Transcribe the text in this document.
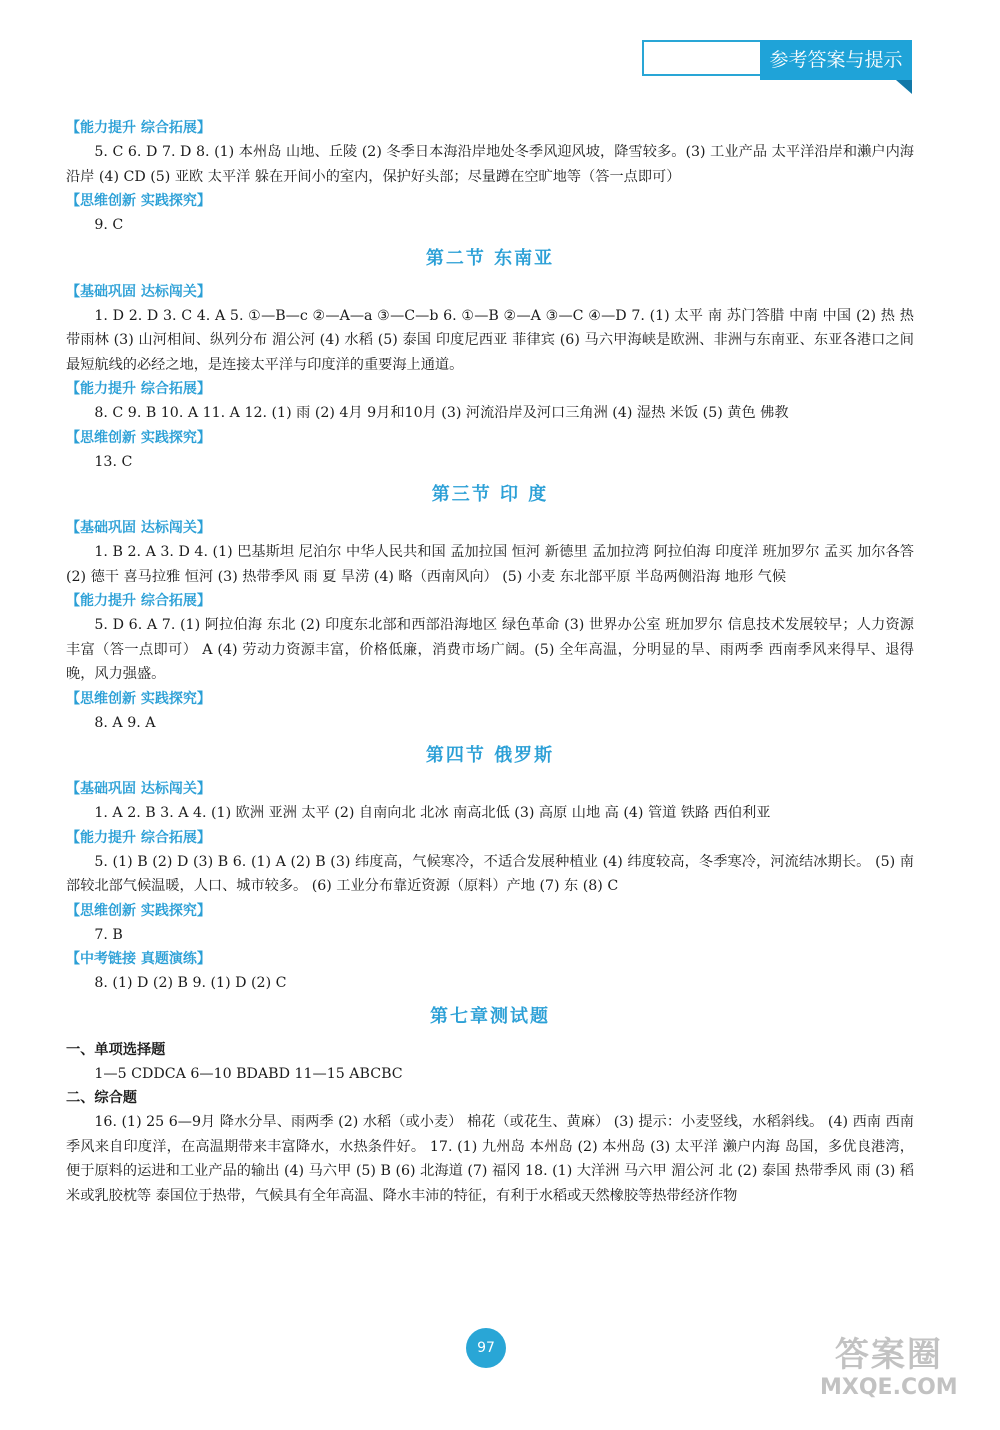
参考答案与提示
【能力提升 综合拓展】

5. C 6. D 7. D 8. (1) 本州岛 山地、丘陵 (2) 冬季日本海沿岸地处冬季风迎风坡，降雪较多。(3) 工业产品 太平洋沿岸和濑户内海沿岸 (4) CD (5) 亚欧 太平洋 躲在开间小的室内，保护好头部；尽量蹲在空旷地等（答一点即可）

【思维创新 实践探究】

9. C

第二节 东南亚
【基础巩固 达标闯关】

1. D 2. D 3. C 4. A 5. ①—B—c ②—A—a ③—C—b 6. ①—B ②—A ③—C ④—D 7. (1) 太平 南 苏门答腊 中南 中国 (2) 热 热带雨林 (3) 山河相间、纵列分布 湄公河 (4) 水稻 (5) 泰国 印度尼西亚 菲律宾 (6) 马六甲海峡是欧洲、非洲与东南亚、东亚各港口之间最短航线的必经之地，是连接太平洋与印度洋的重要海上通道。

【能力提升 综合拓展】

8. C 9. B 10. A 11. A 12. (1) 雨 (2) 4月 9月和10月 (3) 河流沿岸及河口三角洲 (4) 湿热 米饭 (5) 黄色 佛教

【思维创新 实践探究】

13. C

第三节 印 度
【基础巩固 达标闯关】

1. B 2. A 3. D 4. (1) 巴基斯坦 尼泊尔 中华人民共和国 孟加拉国 恒河 新德里 孟加拉湾 阿拉伯海 印度洋 班加罗尔 孟买 加尔各答 (2) 德干 喜马拉雅 恒河 (3) 热带季风 雨 夏 旱涝 (4) 略（西南风向） (5) 小麦 东北部平原 半岛两侧沿海 地形 气候

【能力提升 综合拓展】

5. D 6. A 7. (1) 阿拉伯海 东北 (2) 印度东北部和西部沿海地区 绿色革命 (3) 世界办公室 班加罗尔 信息技术发展较早；人力资源丰富（答一点即可） A (4) 劳动力资源丰富，价格低廉，消费市场广阔。(5) 全年高温，分明显的旱、雨两季 西南季风来得早、退得晚，风力强盛。

【思维创新 实践探究】

8. A 9. A

第四节 俄罗斯
【基础巩固 达标闯关】

1. A 2. B 3. A 4. (1) 欧洲 亚洲 太平 (2) 自南向北 北冰 南高北低 (3) 高原 山地 高 (4) 管道 铁路 西伯利亚

【能力提升 综合拓展】

5. (1) B (2) D (3) B 6. (1) A (2) B (3) 纬度高，气候寒冷，不适合发展种植业 (4) 纬度较高，冬季寒冷，河流结冰期长。 (5) 南部较北部气候温暖，人口、城市较多。 (6) 工业分布靠近资源（原料）产地 (7) 东 (8) C

【思维创新 实践探究】

7. B

【中考链接 真题演练】

8. (1) D (2) B 9. (1) D (2) C

第七章测试题
一、单项选择题

1—5 CDDCA 6—10 BDABD 11—15 ABCBC

二、综合题

16. (1) 25 6—9月 降水分旱、雨两季 (2) 水稻（或小麦） 棉花（或花生、黄麻） (3) 提示：小麦竖线，水稻斜线。 (4) 西南 西南季风来自印度洋，在高温期带来丰富降水，水热条件好。 17. (1) 九州岛 本州岛 (2) 本州岛 (3) 太平洋 濑户内海 岛国，多优良港湾，便于原料的运进和工业产品的输出 (4) 马六甲 (5) B (6) 北海道 (7) 福冈 18. (1) 大洋洲 马六甲 湄公河 北 (2) 泰国 热带季风 雨 (3) 稻米或乳胶枕等 泰国位于热带，气候具有全年高温、降水丰沛的特征，有利于水稻或天然橡胶等热带经济作物

97	答案圈
MXQE.COM
